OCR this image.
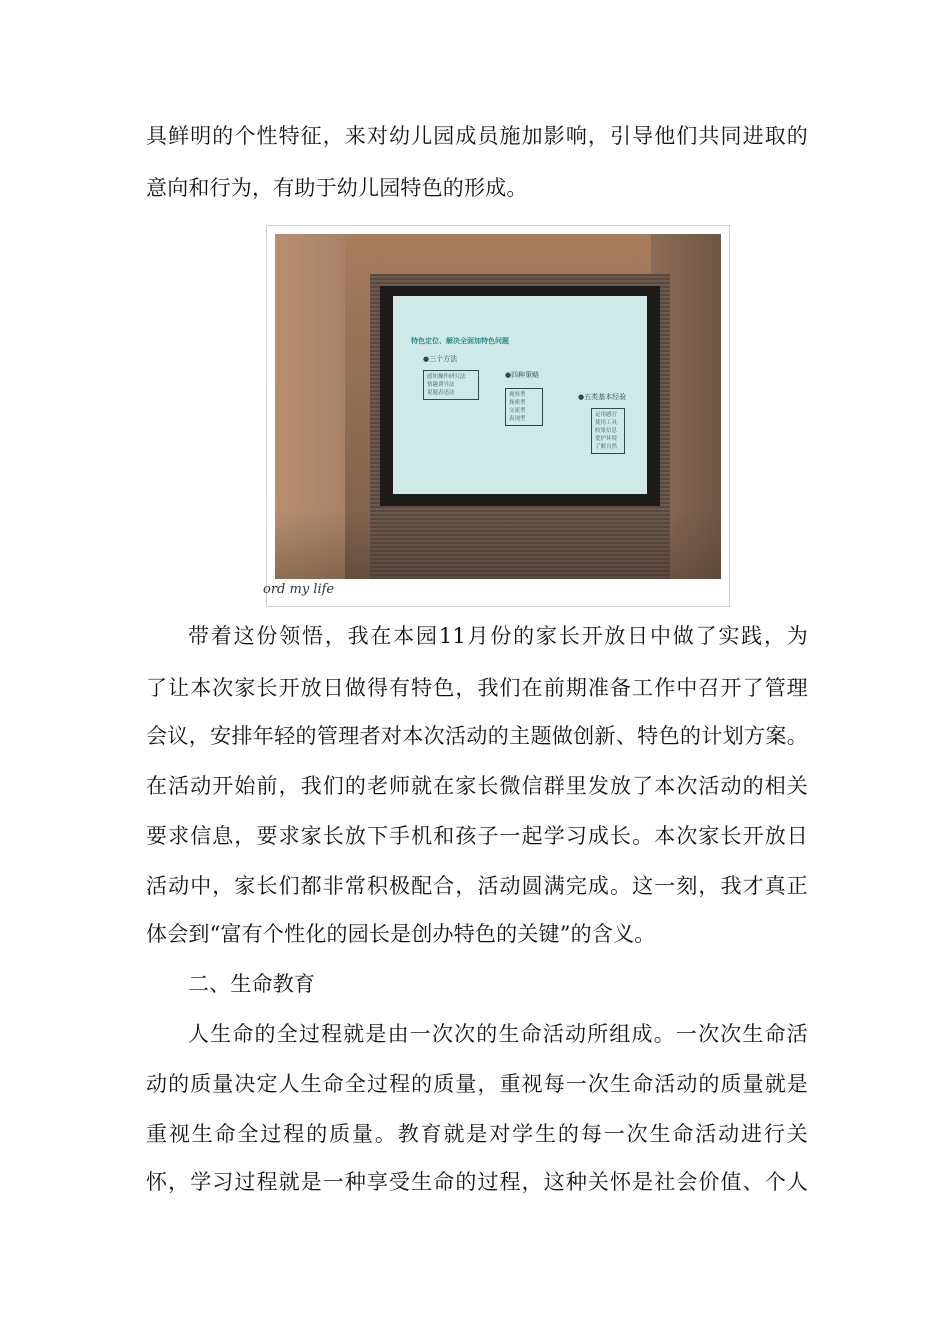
具鲜明的个性特征，来对幼儿园成员施加影响，引导他们共同进取的
意向和行为，有助于幼儿园特色的形成。
特色定位、解决全面加特色问题
●三个方法
感知操作研究法
情趣诱导法
说题表述法
●四种策略
观察型
探索型
交流型
表现型
●五类基本经验
运用感官
使用工具
收集信息
爱护环境
了解自然
ord my life
带着这份领悟，我在本园11月份的家长开放日中做了实践，为
了让本次家长开放日做得有特色，我们在前期准备工作中召开了管理
会议，安排年轻的管理者对本次活动的主题做创新、特色的计划方案。
在活动开始前，我们的老师就在家长微信群里发放了本次活动的相关
要求信息，要求家长放下手机和孩子一起学习成长。本次家长开放日
活动中，家长们都非常积极配合，活动圆满完成。这一刻，我才真正
体会到“富有个性化的园长是创办特色的关键”的含义。
二、生命教育
人生命的全过程就是由一次次的生命活动所组成。一次次生命活
动的质量决定人生命全过程的质量，重视每一次生命活动的质量就是
重视生命全过程的质量。教育就是对学生的每一次生命活动进行关
怀，学习过程就是一种享受生命的过程，这种关怀是社会价值、个人
